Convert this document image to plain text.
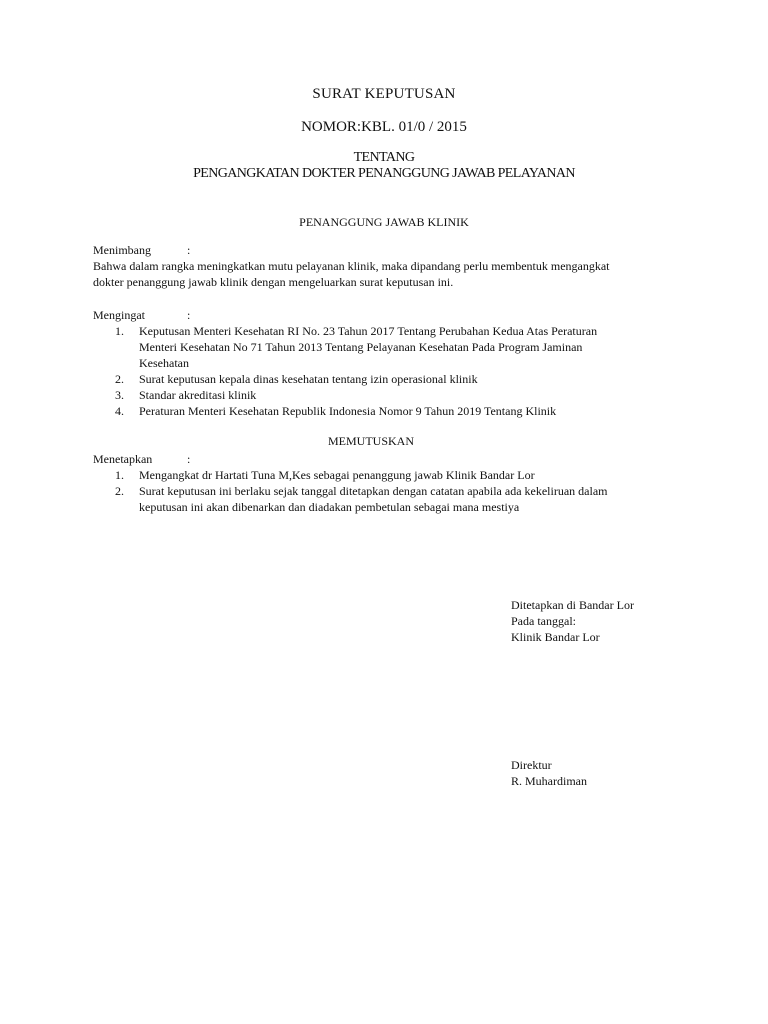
SURAT KEPUTUSAN
NOMOR:KBL. 01/0 / 2015
TENTANG
PENGANGKATAN DOKTER PENANGGUNG JAWAB PELAYANAN
PENANGGUNG JAWAB KLINIK
Menimbang	:
Bahwa dalam rangka meningkatkan mutu pelayanan klinik, maka dipandang perlu membentuk mengangkat
dokter penanggung jawab klinik dengan mengeluarkan surat keputusan ini.
Mengingat	:
1. Keputusan Menteri Kesehatan RI No. 23 Tahun 2017 Tentang Perubahan Kedua Atas Peraturan
Menteri Kesehatan No 71 Tahun 2013 Tentang Pelayanan Kesehatan Pada Program Jaminan
Kesehatan
2. Surat keputusan kepala dinas kesehatan tentang izin operasional klinik
3. Standar akreditasi klinik
4. Peraturan Menteri Kesehatan Republik Indonesia Nomor 9 Tahun 2019 Tentang Klinik
MEMUTUSKAN
Menetapkan	:
1. Mengangkat dr Hartati Tuna M,Kes sebagai penanggung jawab Klinik Bandar Lor
2. Surat keputusan ini berlaku sejak tanggal ditetapkan dengan catatan apabila ada kekeliruan dalam
keputusan ini akan dibenarkan dan diadakan pembetulan sebagai mana mestiya
Ditetapkan di Bandar Lor
Pada tanggal:
Klinik Bandar Lor
Direktur
R. Muhardiman
